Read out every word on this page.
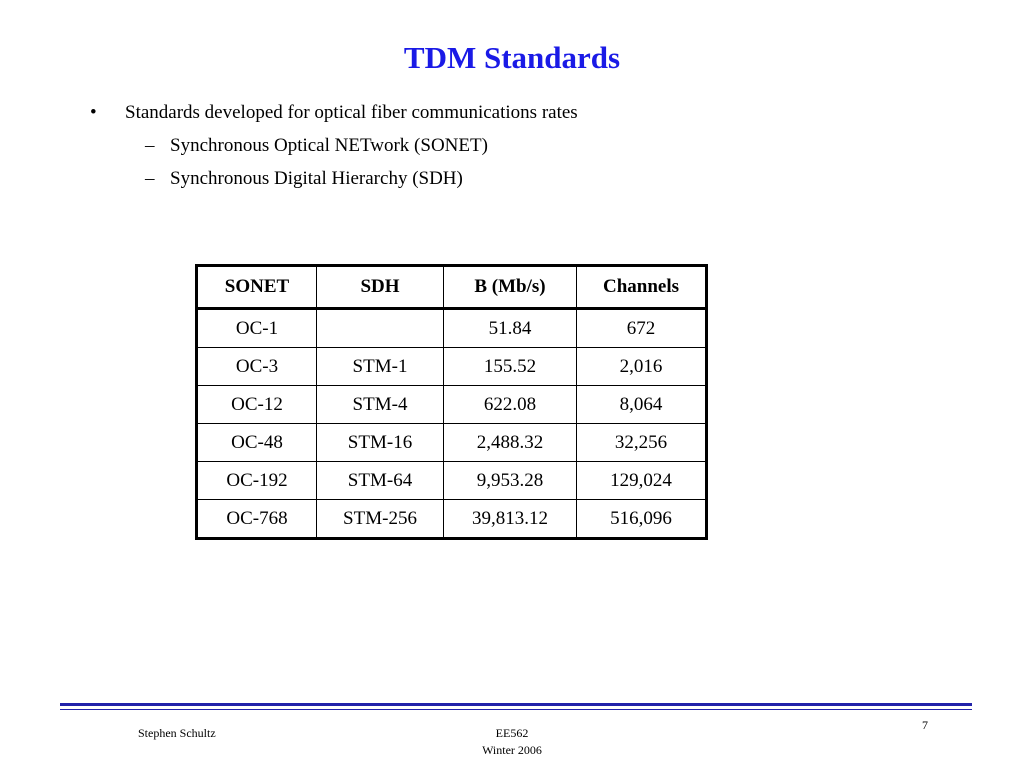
TDM Standards
• Standards developed for optical fiber communications rates
– Synchronous Optical NETwork (SONET)
– Synchronous Digital Hierarchy (SDH)
SONET	SDH	B (Mb/s)	Channels
OC-1		51.84	672
OC-3	STM-1	155.52	2,016
OC-12	STM-4	622.08	8,064
OC-48	STM-16	2,488.32	32,256
OC-192	STM-64	9,953.28	129,024
OC-768	STM-256	39,813.12	516,096
Stephen Schultz	EE562
Winter 2006
7
